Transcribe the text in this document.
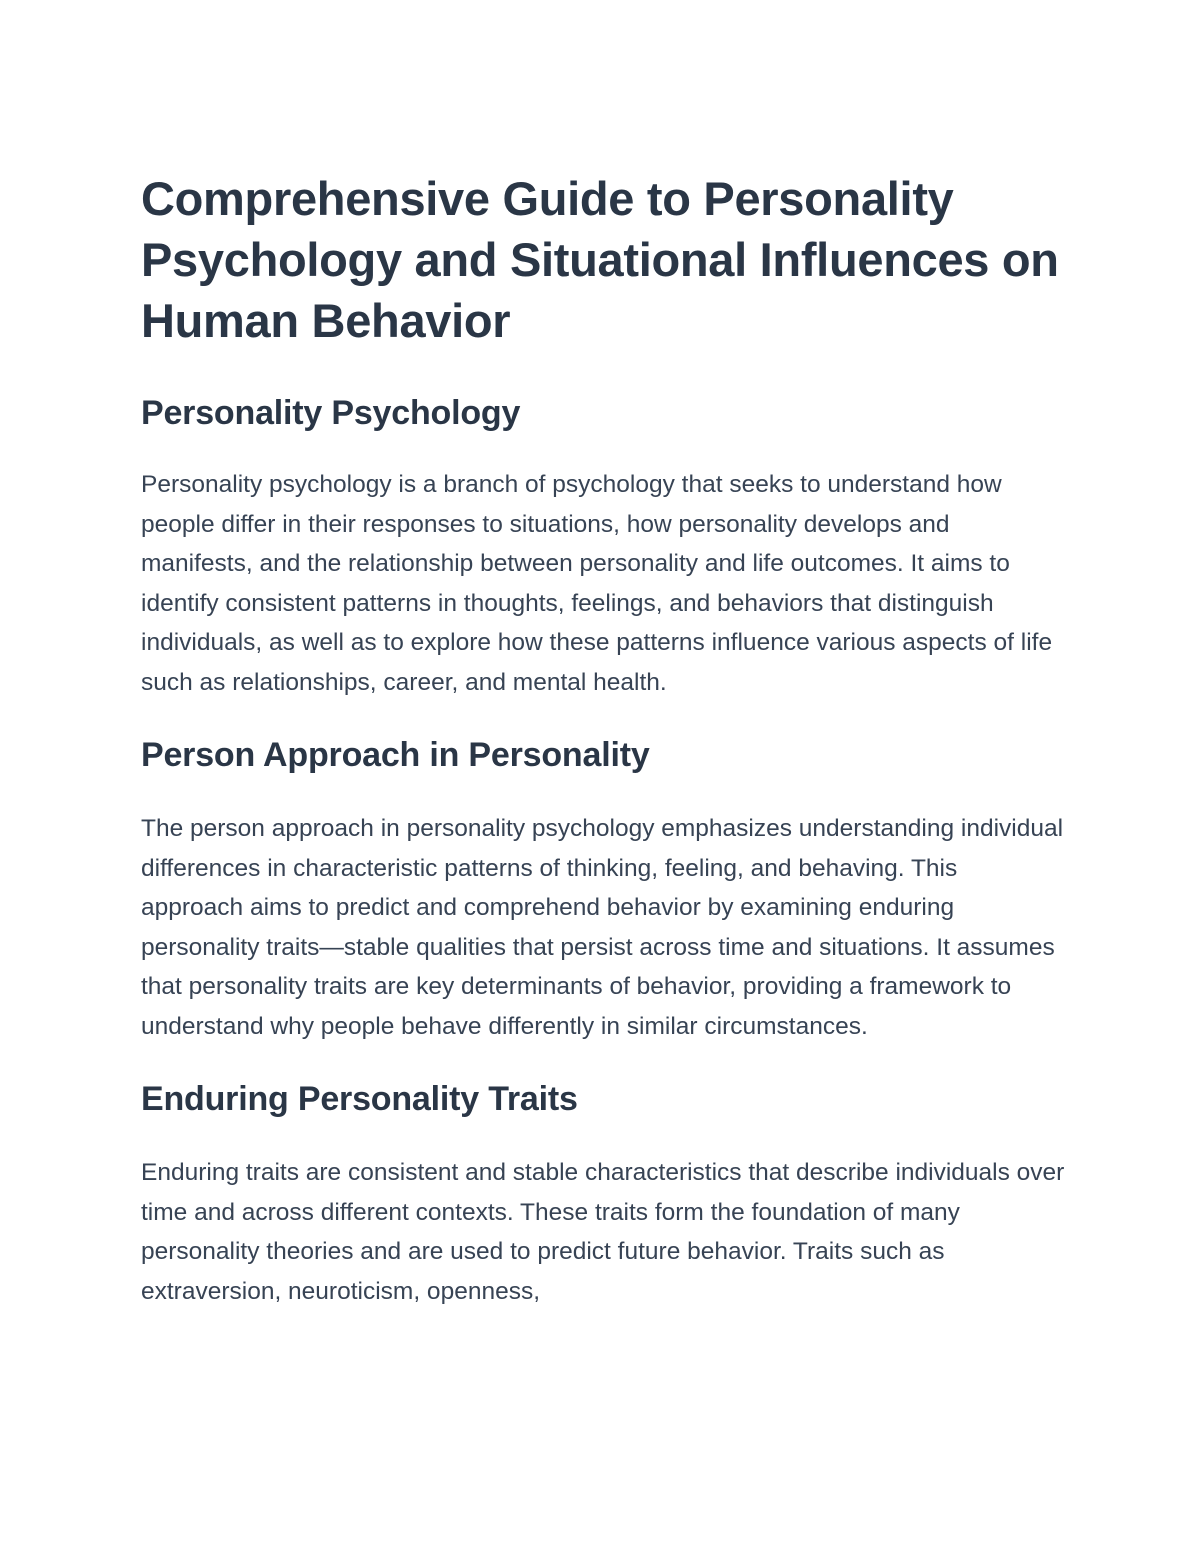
Comprehensive Guide to Personality Psychology and Situational Influences on Human Behavior
Personality Psychology

Personality psychology is a branch of psychology that seeks to understand how people differ in their responses to situations, how personality develops and manifests, and the relationship between personality and life outcomes. It aims to identify consistent patterns in thoughts, feelings, and behaviors that distinguish individuals, as well as to explore how these patterns influence various aspects of life such as relationships, career, and mental health.

Person Approach in Personality

The person approach in personality psychology emphasizes understanding individual differences in characteristic patterns of thinking, feeling, and behaving. This approach aims to predict and comprehend behavior by examining enduring personality traits—stable qualities that persist across time and situations. It assumes that personality traits are key determinants of behavior, providing a framework to understand why people behave differently in similar circumstances.

Enduring Personality Traits

Enduring traits are consistent and stable characteristics that describe individuals over time and across different contexts. These traits form the foundation of many personality theories and are used to predict future behavior. Traits such as extraversion, neuroticism, openness,
